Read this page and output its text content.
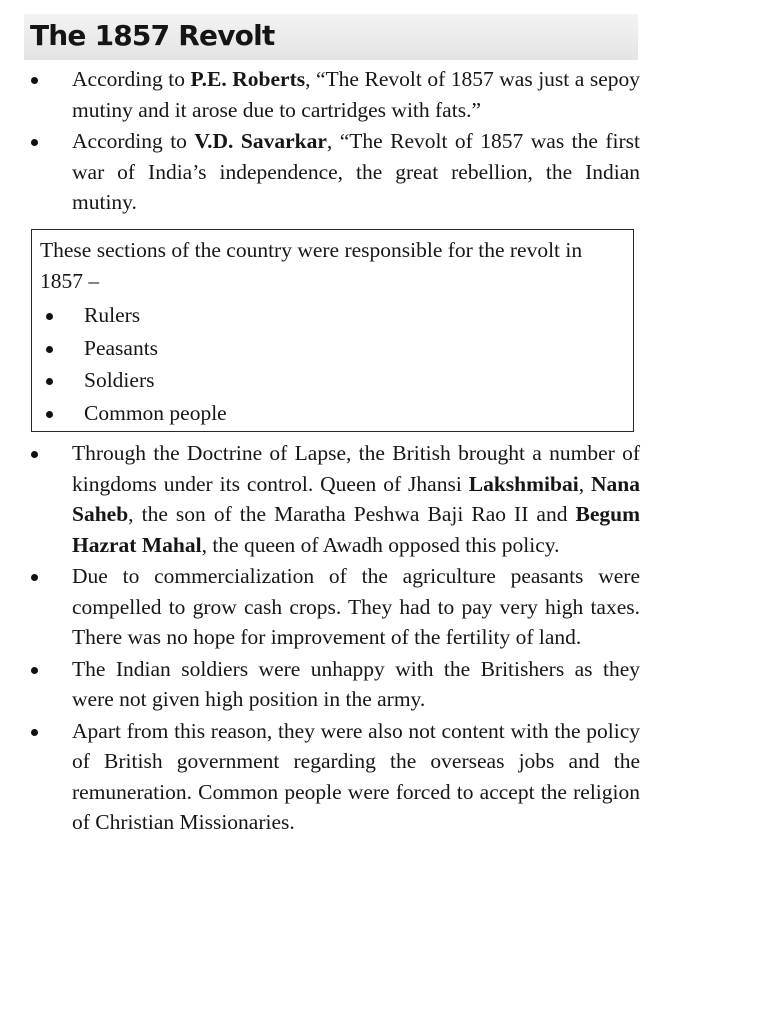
The 1857 Revolt
According to P.E. Roberts, “The Revolt of 1857 was just a sepoy mutiny and it arose due to cartridges with fats.”
According to V.D. Savarkar, “The Revolt of 1857 was the first war of India’s independence, the great rebellion, the Indian mutiny.

These sections of the country were responsible for the revolt in 1857 –

Rulers
Peasants
Soldiers
Common people
Through the Doctrine of Lapse, the British brought a number of kingdoms under its control. Queen of Jhansi Lakshmibai, Nana Saheb, the son of the Maratha Peshwa Baji Rao II and Begum Hazrat Mahal, the queen of Awadh opposed this policy.
Due to commercialization of the agriculture peasants were compelled to grow cash crops. They had to pay very high taxes. There was no hope for improvement of the fertility of land.
The Indian soldiers were unhappy with the Britishers as they were not given high position in the army.
Apart from this reason, they were also not content with the policy of British government regarding the overseas jobs and the remuneration. Common people were forced to accept the religion of Christian Missionaries.
